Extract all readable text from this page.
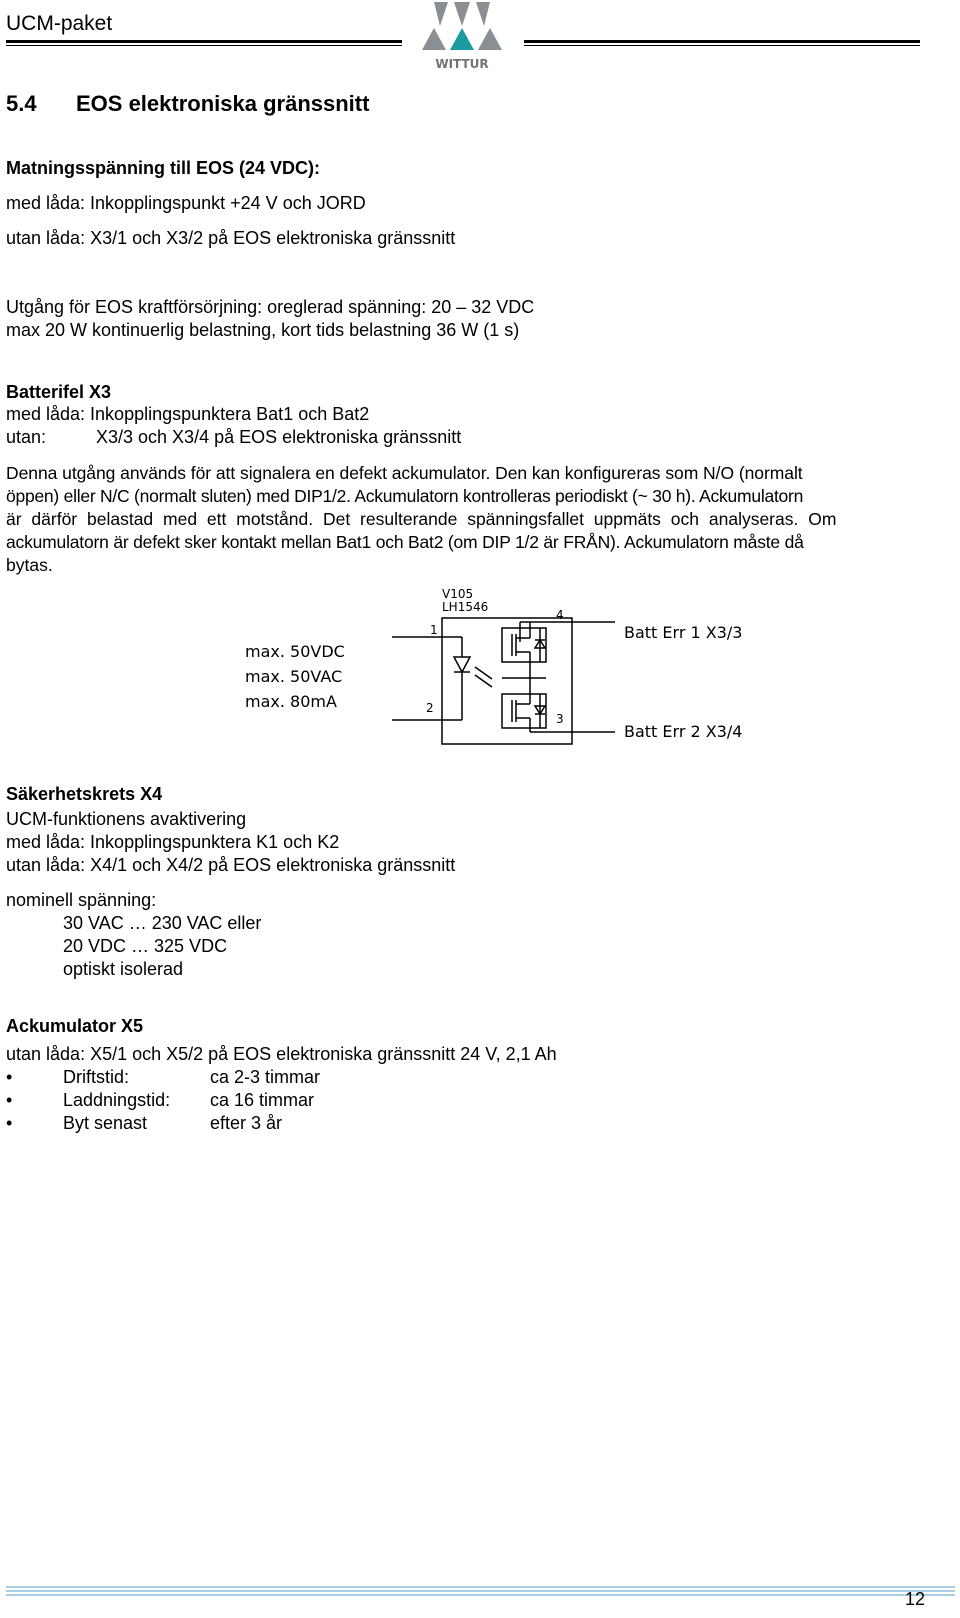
UCM-paket
WITTUR
5.4 EOS elektroniska gränssnitt
Matningsspänning till EOS (24 VDC):
med låda: Inkopplingspunkt +24 V och JORD
utan låda: X3/1 och X3/2 på EOS elektroniska gränssnitt
Utgång för EOS kraftförsörjning: oreglerad spänning: 20 – 32 VDC
max 20 W kontinuerlig belastning, kort tids belastning 36 W (1 s)
Batterifel X3
med låda: Inkopplingspunktera Bat1 och Bat2
utan:	X3/3 och X3/4 på EOS elektroniska gränssnitt
Denna utgång används för att signalera en defekt ackumulator. Den kan konfigureras som N/O (normalt
öppen) eller N/C (normalt sluten) med DIP1/2. Ackumulatorn kontrolleras periodiskt (~ 30 h). Ackumulatorn
är därför belastad med ett motstånd. Det resulterande spänningsfallet uppmäts och analyseras. Om
ackumulatorn är defekt sker kontakt mellan Bat1 och Bat2 (om DIP 1/2 är FRÅN). Ackumulatorn måste då
bytas.
V105
LH1546
1
2
3
4
max. 50VDC
max. 50VAC
max. 80mA
Batt Err 1 X3/3
Batt Err 2 X3/4
Säkerhetskrets X4
UCM-funktionens avaktivering
med låda: Inkopplingspunktera K1 och K2
utan låda: X4/1 och X4/2 på EOS elektroniska gränssnitt
nominell spänning:
30 VAC … 230 VAC eller
20 VDC … 325 VDC
optiskt isolerad
Ackumulator X5
utan låda: X5/1 och X5/2 på EOS elektroniska gränssnitt 24 V, 2,1 Ah
•	Driftstid:	ca 2-3 timmar
•	Laddningstid: ca 16 timmar
•	Byt senast	efter 3 år
12
